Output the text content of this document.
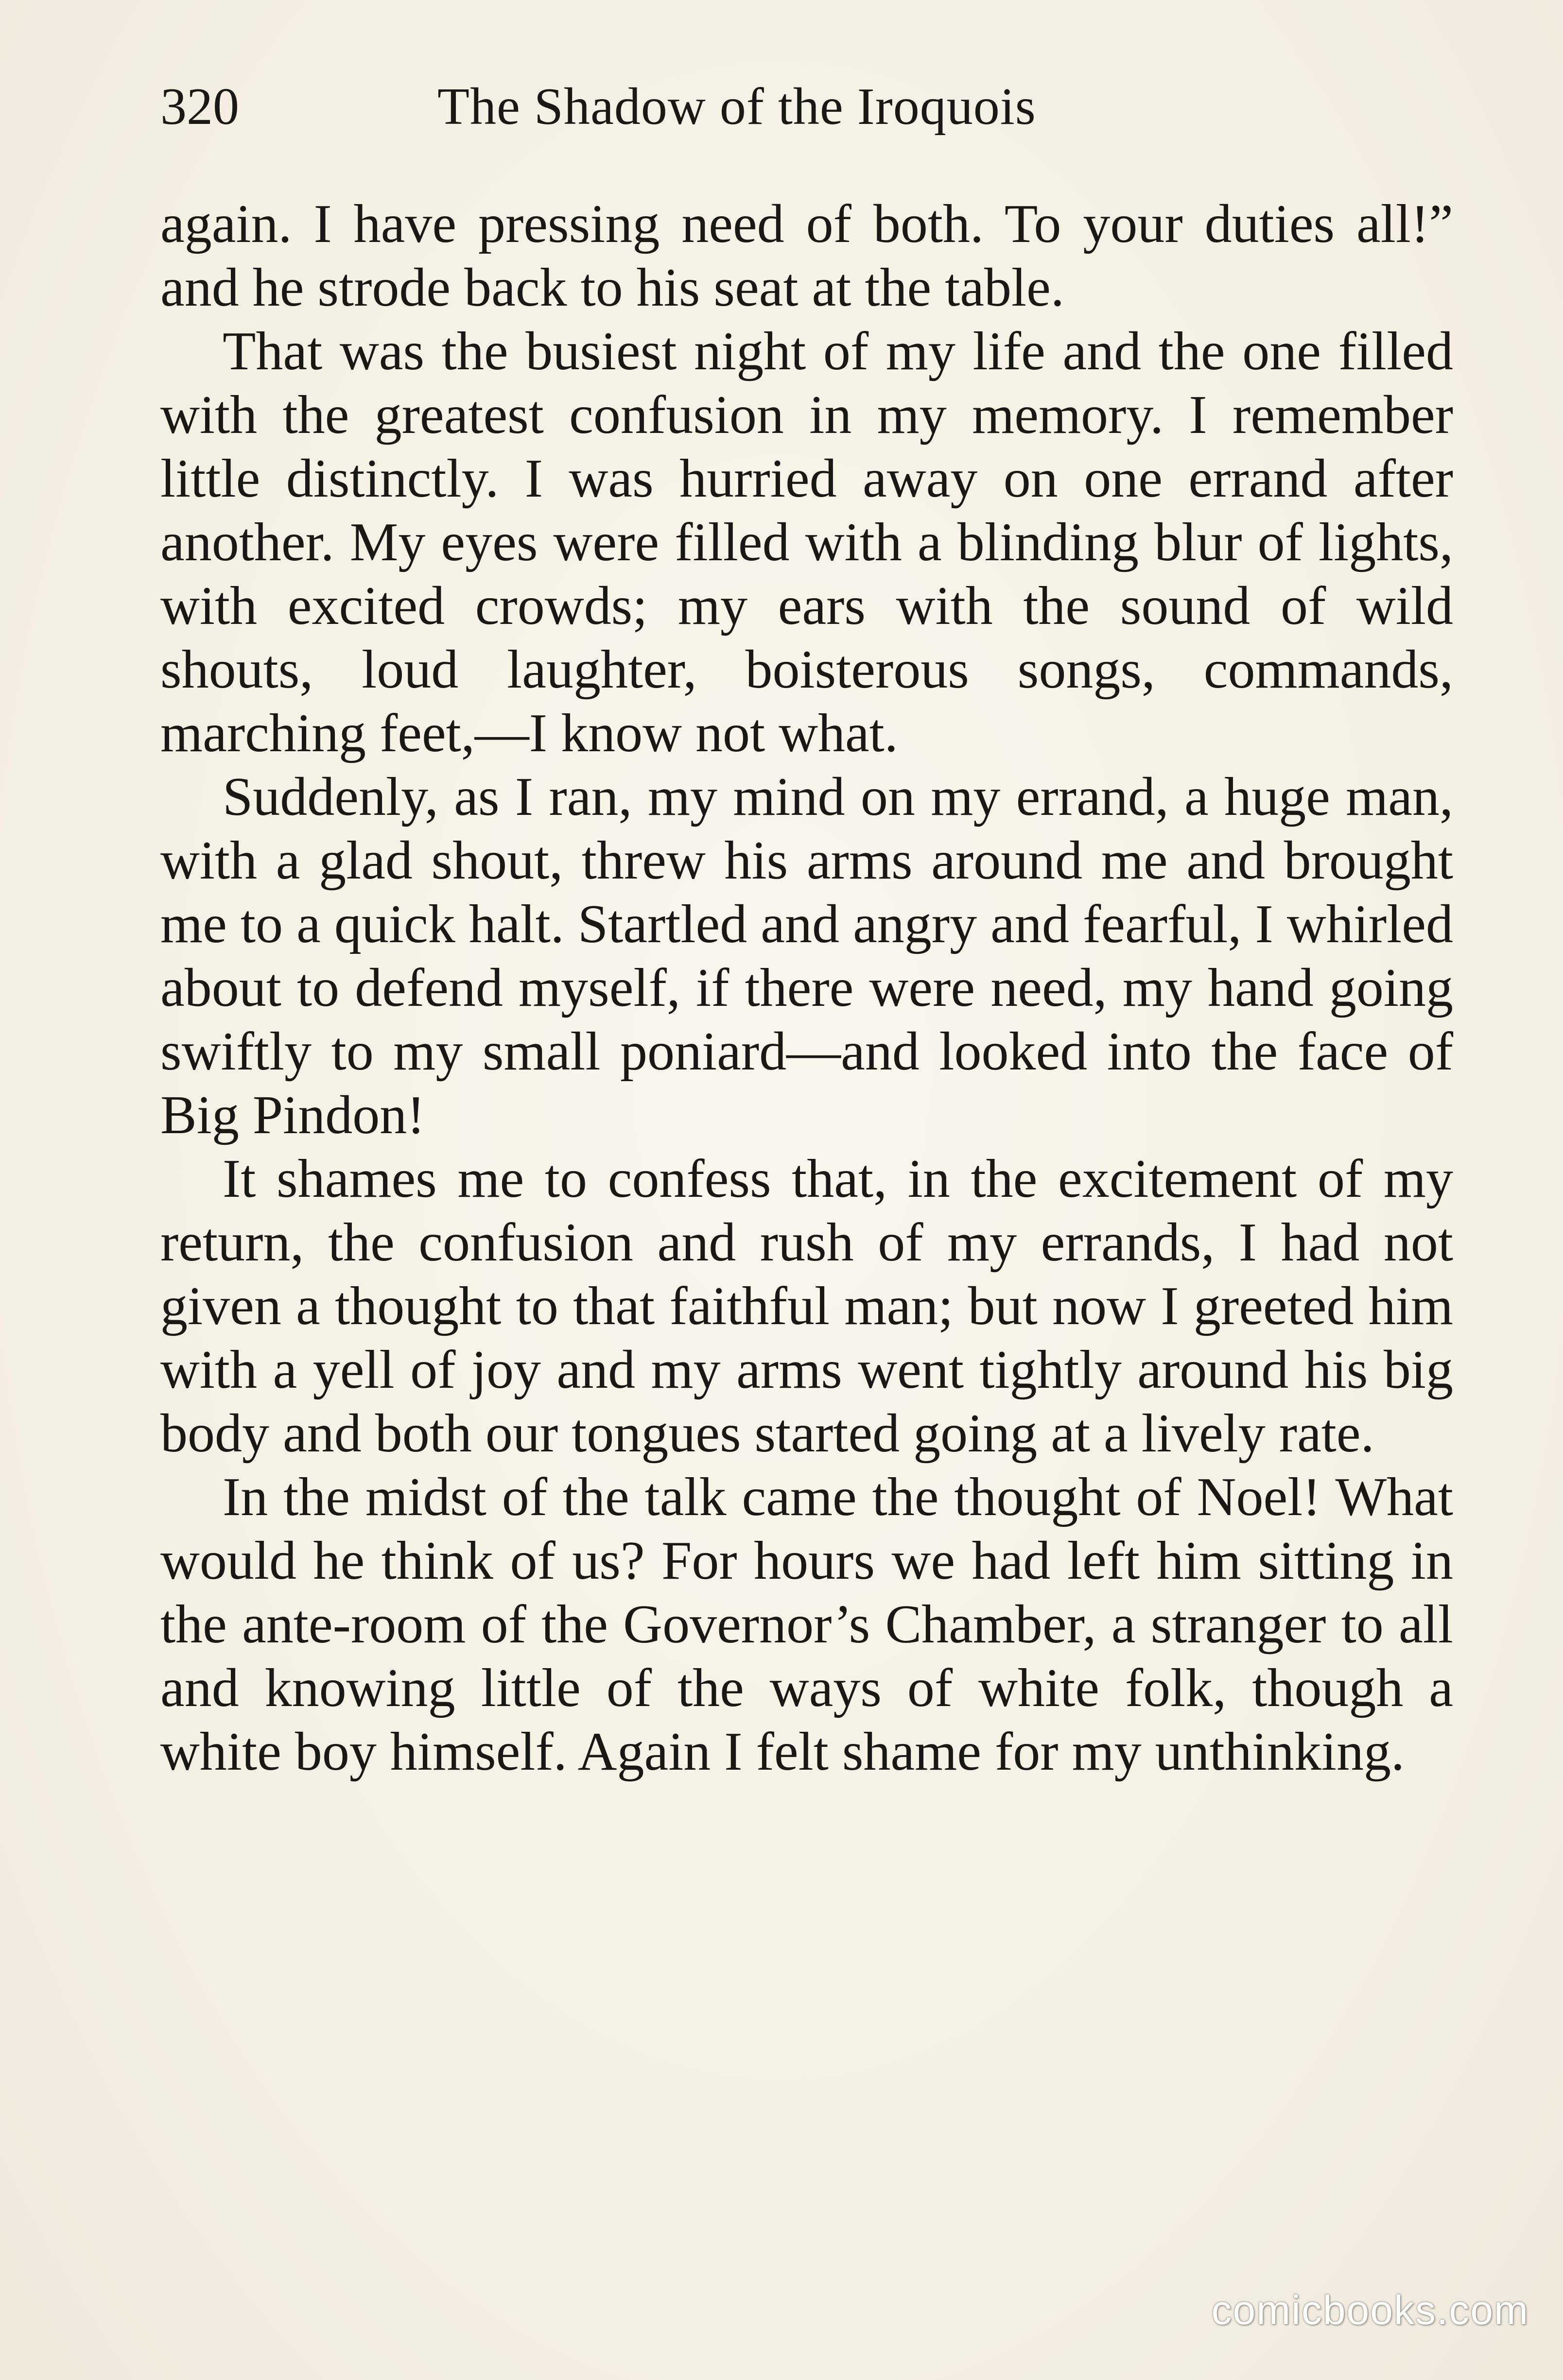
320	The Shadow of the Iroquois

again. I have pressing need of both. To your duties all!” and he strode back to his seat at the table.

That was the busiest night of my life and the one filled with the greatest confusion in my memory. I remember little distinctly. I was hurried away on one errand after another. My eyes were filled with a blinding blur of lights, with excited crowds; my ears with the sound of wild shouts, loud laughter, boisterous songs, commands, marching feet,—I know not what.

Suddenly, as I ran, my mind on my errand, a huge man, with a glad shout, threw his arms around me and brought me to a quick halt. Startled and angry and fearful, I whirled about to defend myself, if there were need, my hand going swiftly to my small poniard—and looked into the face of Big Pindon!

It shames me to confess that, in the excitement of my return, the confusion and rush of my errands, I had not given a thought to that faithful man; but now I greeted him with a yell of joy and my arms went tightly around his big body and both our tongues started going at a lively rate.

In the midst of the talk came the thought of Noel! What would he think of us? For hours we had left him sitting in the ante-room of the Governor’s Chamber, a stranger to all and knowing little of the ways of white folk, though a white boy himself. Again I felt shame for my unthinking.

comicbooks.com
